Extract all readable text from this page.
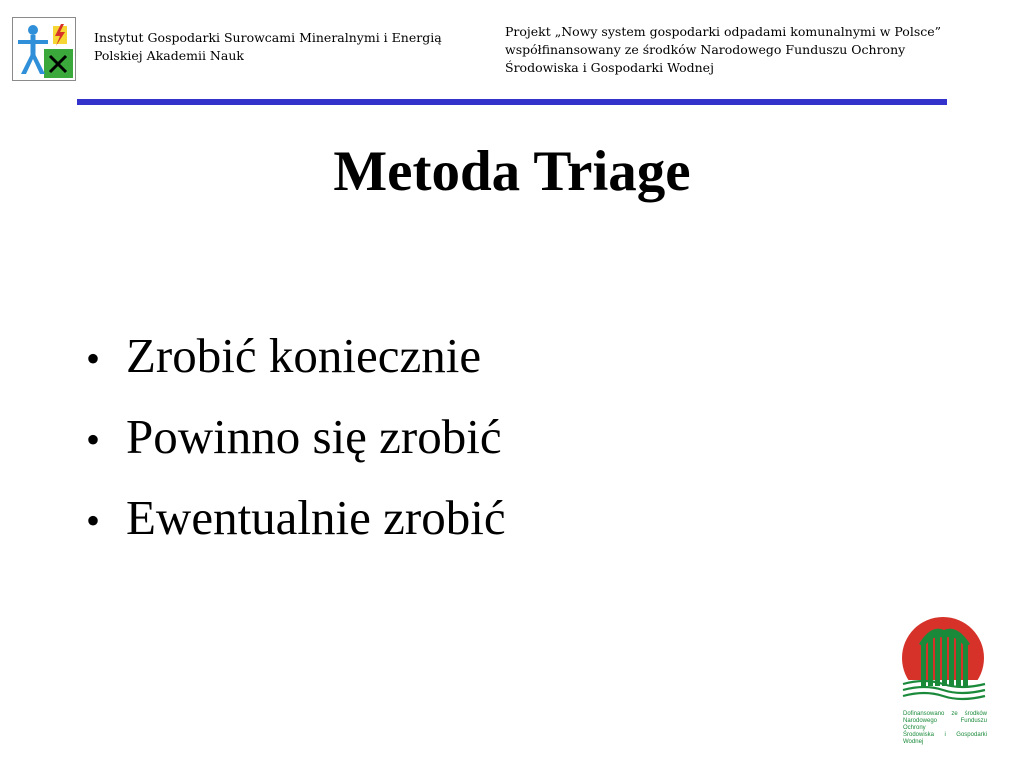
Instytut Gospodarki Surowcami Mineralnymi i Energią
Polskiej Akademii Nauk
Projekt „Nowy system gospodarki odpadami komunalnymi w Polsce”
współfinansowany ze środków Narodowego Funduszu Ochrony
Środowiska i Gospodarki Wodnej
Metoda Triage
• Zrobić koniecznie
• Powinno się zrobić
• Ewentualnie zrobić
Dofinansowano ze środków
Narodowego Funduszu Ochrony
Środowiska i Gospodarki Wodnej
